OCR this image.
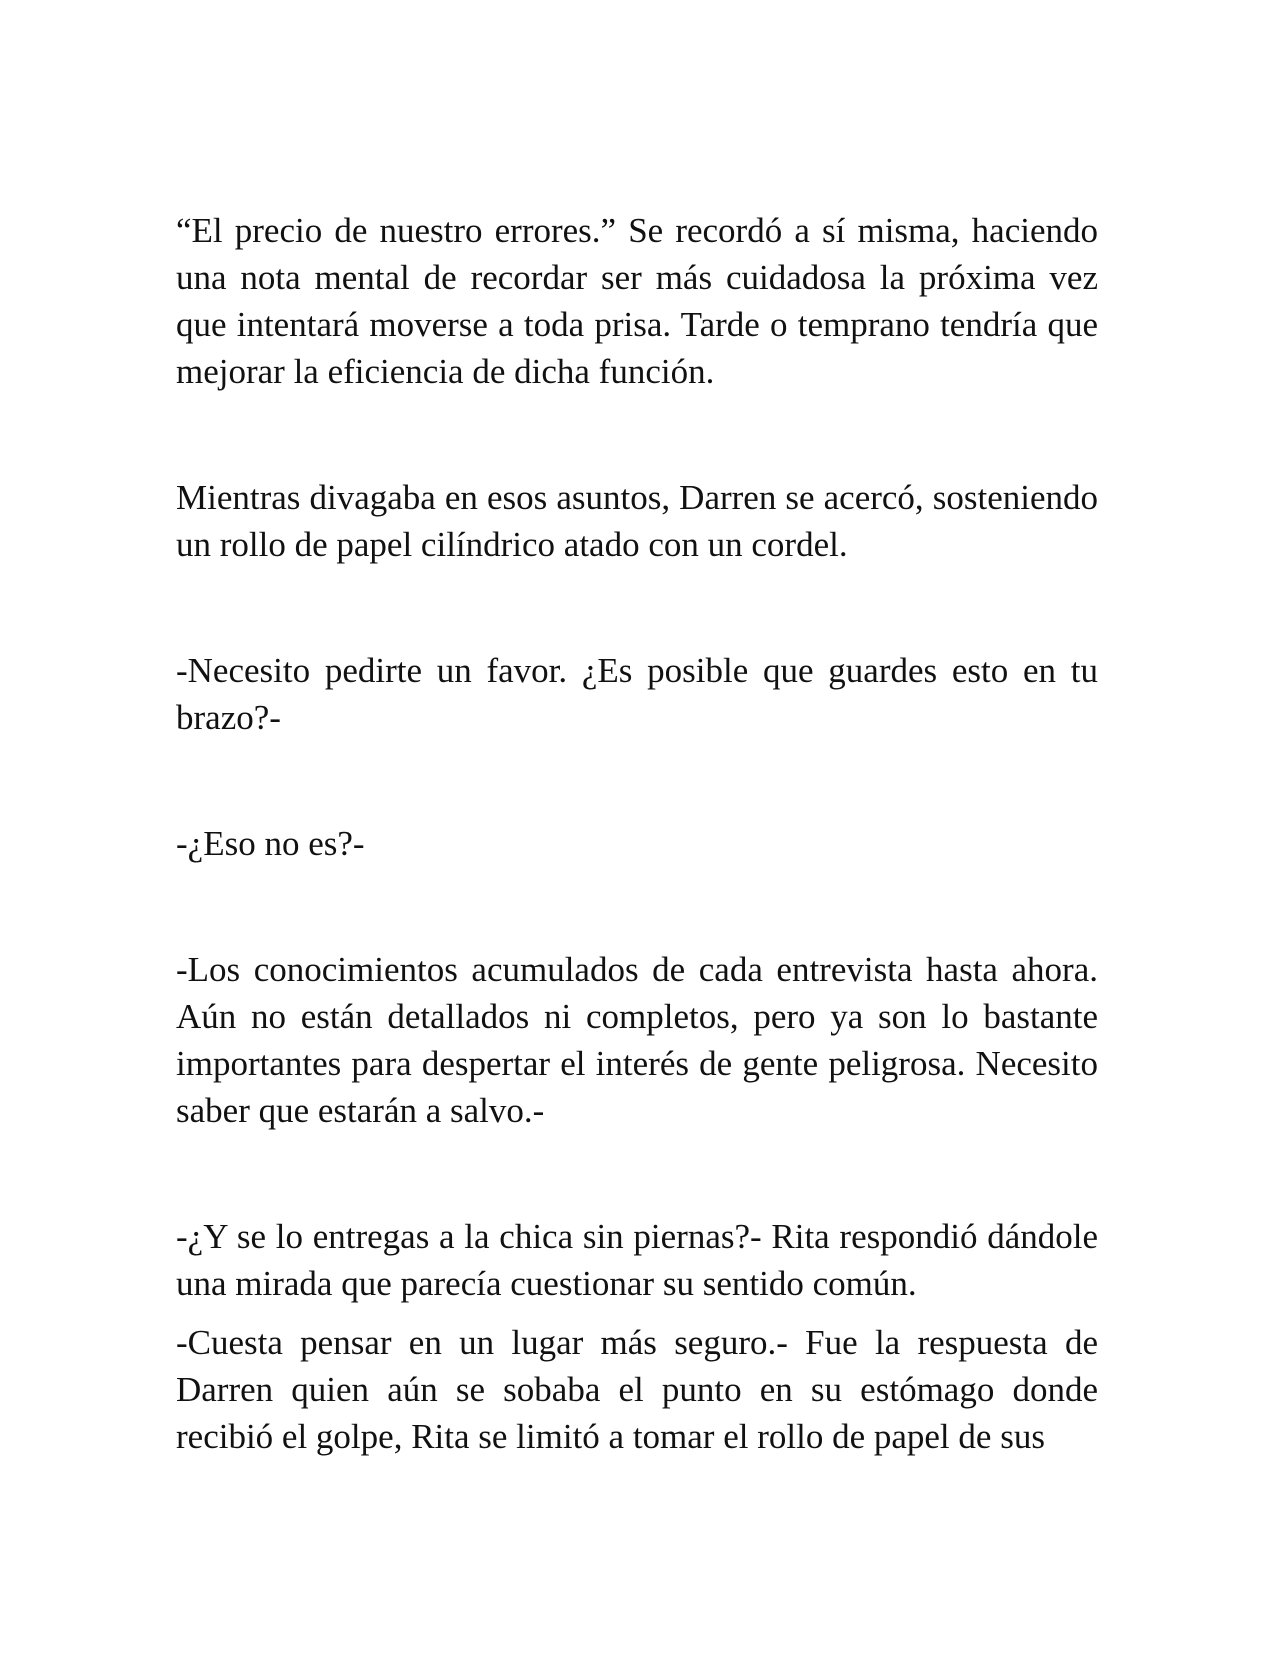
“El precio de nuestro errores.” Se recordó a sí misma, haciendo una nota mental de recordar ser más cuidadosa la próxima vez que intentará moverse a toda prisa. Tarde o temprano tendría que mejorar la eficiencia de dicha función.

Mientras divagaba en esos asuntos, Darren se acercó, sosteniendo un rollo de papel cilíndrico atado con un cordel.

-Necesito pedirte un favor. ¿Es posible que guardes esto en tu brazo?-

-¿Eso no es?-

-Los conocimientos acumulados de cada entrevista hasta ahora. Aún no están detallados ni completos, pero ya son lo bastante importantes para despertar el interés de gente peligrosa. Necesito saber que estarán a salvo.-

-¿Y se lo entregas a la chica sin piernas?- Rita respondió dándole una mirada que parecía cuestionar su sentido común.

-Cuesta pensar en un lugar más seguro.- Fue la respuesta de Darren quien aún se sobaba el punto en su estómago donde recibió el golpe, Rita se limitó a tomar el rollo de papel de sus
